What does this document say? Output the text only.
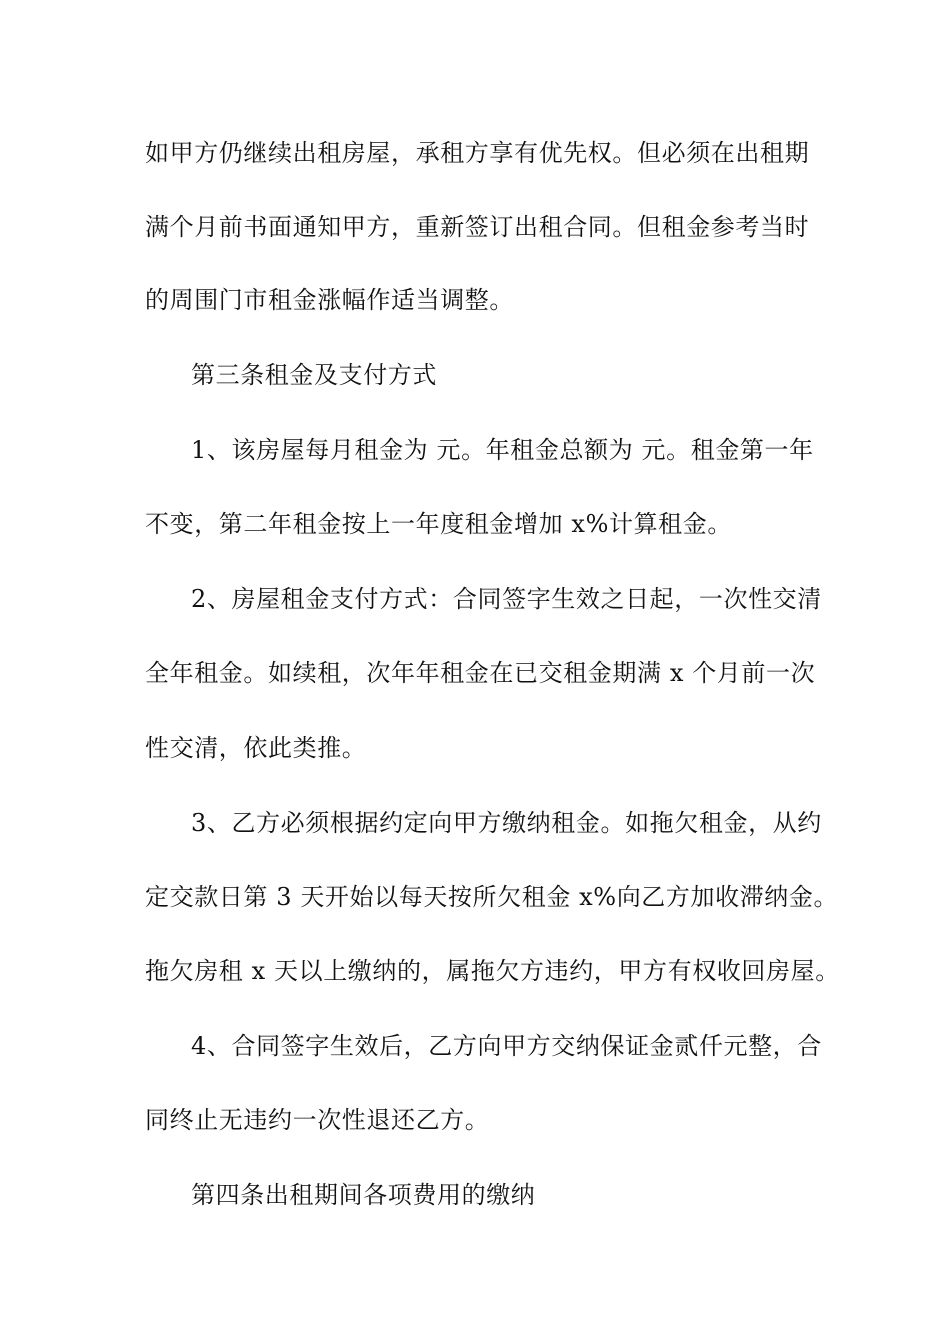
如甲方仍继续出租房屋，承租方享有优先权。但必须在出租期
满个月前书面通知甲方，重新签订出租合同。但租金参考当时
的周围门市租金涨幅作适当调整。
第三条租金及支付方式
1、该房屋每月租金为 元。年租金总额为 元。租金第一年
不变，第二年租金按上一年度租金增加 x%计算租金。
2、房屋租金支付方式：合同签字生效之日起，一次性交清
全年租金。如续租，次年年租金在已交租金期满 x 个月前一次
性交清，依此类推。
3、乙方必须根据约定向甲方缴纳租金。如拖欠租金，从约
定交款日第 3 天开始以每天按所欠租金 x%向乙方加收滞纳金。
拖欠房租 x 天以上缴纳的，属拖欠方违约，甲方有权收回房屋。
4、合同签字生效后，乙方向甲方交纳保证金贰仟元整，合
同终止无违约一次性退还乙方。
第四条出租期间各项费用的缴纳
